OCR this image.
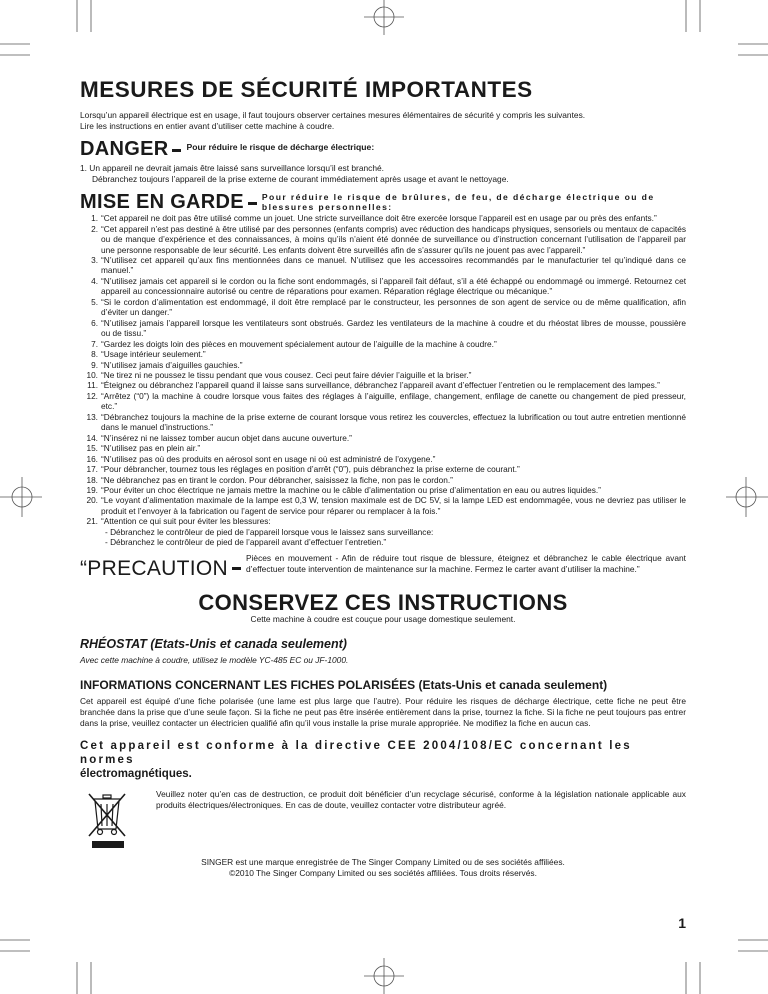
MESURES DE SÉCURITÉ IMPORTANTES
Lorsqu’un appareil électrique est en usage, il faut toujours observer certaines mesures élémentaires de sécurité y compris les suivantes.
Lire les instructions en entier avant d’utiliser cette machine à coudre.
DANGER Pour réduire le risque de décharge électrique:
1. Un appareil ne devrait jamais être laissé sans surveillance lorsqu’il est branché.
Débranchez toujours l’appareil de la prise externe de courant immédiatement après usage et avant le nettoyage.
MISE EN GARDE Pour réduire le risque de brûlures, de feu, de décharge électrique ou de blessures personnelles:
1. “Cet appareil ne doit pas être utilisé comme un jouet. Une stricte surveillance doit être exercée lorsque l’appareil est en usage par ou près des enfants.”
2. “Cet appareil n’est pas destiné à être utilisé par des personnes (enfants compris) avec réduction des handicaps physiques, sensoriels ou mentaux de capacités ou de manque d’expérience et des connaissances, à moins qu’ils n’aient été donnée de surveillance ou d’instruction concernant l’utilisation de l’appareil par une personne responsable de leur sécurité. Les enfants doivent être surveillés afin de s’assurer qu’ils ne jouent pas avec l’appareil.”
3. “N’utilisez cet appareil qu’aux fins mentionnées dans ce manuel. N’utilisez que les accessoires recommandés par le manufacturier tel qu’indiqué dans ce manuel.”
4. “N’utilisez jamais cet appareil si le cordon ou la fiche sont endommagés, si l’appareil fait défaut, s’il a été échappé ou endommagé ou immergé. Retournez cet appareil au concessionnaire autorisé ou centre de réparations pour examen. Réparation réglage électrique ou mécanique.”
5. “Si le cordon d’alimentation est endommagé, il doit être remplacé par le constructeur, les personnes de son agent de service ou de même qualification, afin d’éviter un danger.”
6. “N’utilisez jamais l’appareil lorsque les ventilateurs sont obstrués. Gardez les ventilateurs de la machine à coudre et du rhéostat libres de mousse, poussière ou de tissu.”
7. “Gardez les doigts loin des pièces en mouvement spécialement autour de l’aiguille de la machine à coudre.”
8. “Usage intérieur seulement.”
9. “N’utilisez jamais d’aiguilles gauchies.”
10. “Ne tirez ni ne poussez le tissu pendant que vous cousez. Ceci peut faire dévier l’aiguille et la briser.”
11. “Éteignez ou débranchez l’appareil quand il laisse sans surveillance, débranchez l’appareil avant d’effectuer l’entretien ou le remplacement des lampes.”
12. “Arrêtez (“0”) la machine à coudre lorsque vous faites des réglages à l’aiguille, enfilage, changement, enfilage de canette ou changement de pied presseur, etc.”
13. “Débranchez toujours la machine de la prise externe de courant lorsque vous retirez les couvercles, effectuez la lubrification ou tout autre entretien mentionné dans le manuel d’instructions.”
14. “N’insérez ni ne laissez tomber aucun objet dans aucune ouverture.”
15. “N’utilisez pas en plein air.”
16. “N’utilisez pas où des produits en aérosol sont en usage ni où est administré de l’oxygene.”
17. “Pour débrancher, tournez tous les réglages en position d’arrêt (“0”), puis débranchez la prise externe de courant.”
18. “Ne débranchez pas en tirant le cordon. Pour débrancher, saisissez la fiche, non pas le cordon.”
19. “Pour éviter un choc électrique ne jamais mettre la machine ou le câble d’alimentation ou prise d’alimentation en eau ou autres liquides.”
20. “Le voyant d’alimentation maximale de la lampe est 0,3 W, tension maximale est de DC 5V, si la lampe LED est endommagée, vous ne devriez pas utiliser le produit et l’envoyer à la fabrication ou l’agent de service pour réparer ou remplacer à la fois.”
21. “Attention ce qui suit pour éviter les blessures:
- Débranchez le contrôleur de pied de l’appareil lorsque vous le laissez sans surveillance:
- Débranchez le contrôleur de pied de l’appareil avant d’effectuer l’entretien.”
“PRECAUTION Pièces en mouvement - Afin de réduire tout risque de blessure, éteignez et débranchez le cable électrique avant d’effectuer toute intervention de maintenance sur la machine. Fermez le carter avant d’utiliser la machine.”
CONSERVEZ CES INSTRUCTIONS
Cette machine à coudre est couçue pour usage domestique seulement.
RHÉOSTAT (Etats-Unis et canada seulement)
Avec cette machine à coudre, utilisez le modèle YC-485 EC ou JF-1000.
INFORMATIONS CONCERNANT LES FICHES POLARISÉES (Etats-Unis et canada seulement)
Cet appareil est équipé d’une fiche polarisée (une lame est plus large que l’autre). Pour réduire les risques de décharge électrique, cette fiche ne peut être branchée dans la prise que d’une seule façon. Si la fiche ne peut pas être insérée entièrement dans la prise, tournez la fiche. Si la fiche ne peut toujours pas entrer dans la prise, veuillez contacter un électricien qualifié afin qu’il vous installe la prise murale appropriée. Ne modifiez la fiche en aucun cas.
Cet appareil est conforme à la directive CEE 2004/108/EC concernant les normes
électromagnétiques.
Veuillez noter qu’en cas de destruction, ce produit doit bénéficier d’un recyclage sécurisé, conforme à la législation nationale applicable aux produits électriques/électroniques. En cas de doute, veuillez contacter votre distributeur agréé.
SINGER est une marque enregistrée de The Singer Company Limited ou de ses sociétés affiliées.
©2010 The Singer Company Limited ou ses sociétés affiliées. Tous droits réservés.
1
